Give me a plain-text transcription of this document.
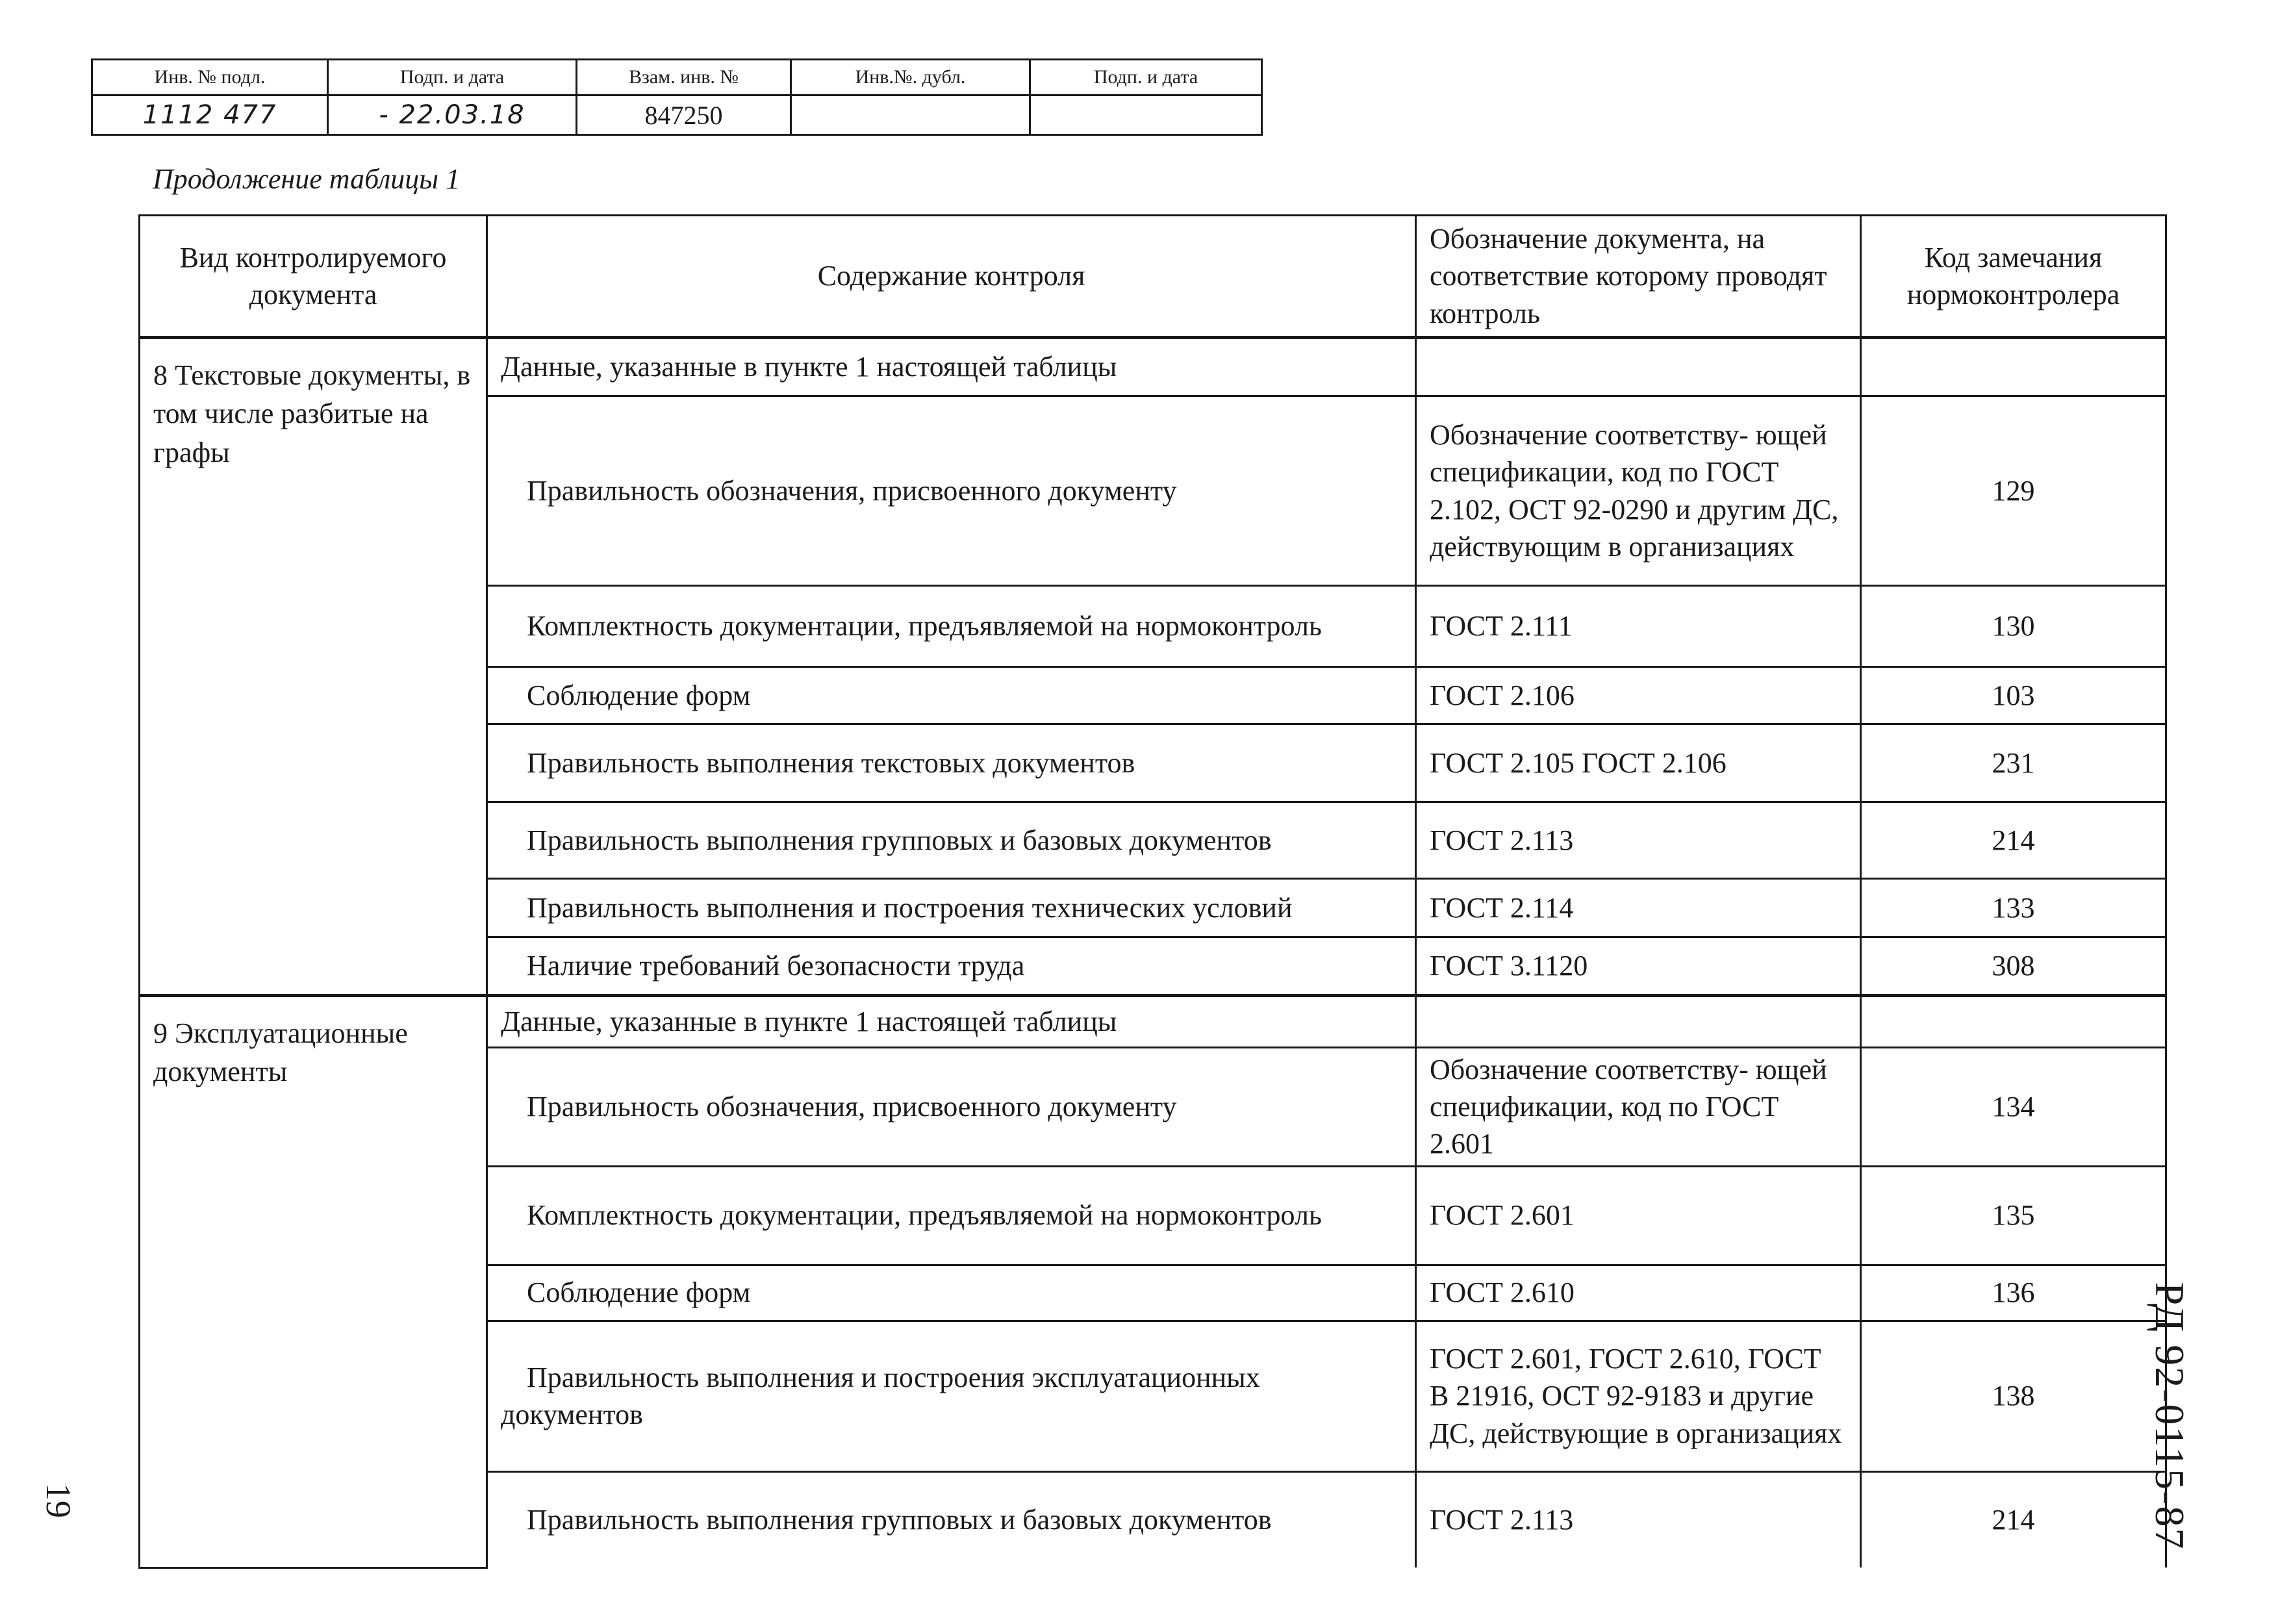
Инв. № подл.	Подп. и дата	Взам. инв. №	Инв.№. дубл.	Подп. и дата
1112 477	- 22.03.18	847250		
Продолжение таблицы 1
Вид контролируемого документа	Содержание контроля	Обозначение документа, на соответствие которому проводят контроль	Код замечания нормоконтролера
8 Текстовые документы, в том числе разбитые на графы	Данные, указанные в пункте 1 настоящей таблицы		
	Правильность обозначения, присвоенного документу	Обозначение соответству- ющей спецификации, код по ГОСТ 2.102, ОСТ 92-0290 и другим ДС, действующим в организациях	129
	Комплектность документации, предъявляемой на нормоконтроль	ГОСТ 2.111	130
	Соблюдение форм	ГОСТ 2.106	103
	Правильность выполнения текстовых документов	ГОСТ 2.105 ГОСТ 2.106	231
	Правильность выполнения групповых и базовых документов	ГОСТ 2.113	214
	Правильность выполнения и построения технических условий	ГОСТ 2.114	133
	Наличие требований безопасности труда	ГОСТ 3.1120	308
9 Эксплуатационные документы	Данные, указанные в пункте 1 настоящей таблицы		
	Правильность обозначения, присвоенного документу	Обозначение соответству- ющей спецификации, код по ГОСТ 2.601	134
	Комплектность документации, предъявляемой на нормоконтроль	ГОСТ 2.601	135
	Соблюдение форм	ГОСТ 2.610	136
	Правильность выполнения и построения эксплуатационных документов	ГОСТ 2.601, ГОСТ 2.610, ГОСТ В 21916, ОСТ 92-9183 и другие ДС, действующие в организациях	138
	Правильность выполнения групповых и базовых документов	ГОСТ 2.113	214
19	РД 92-0115-87
